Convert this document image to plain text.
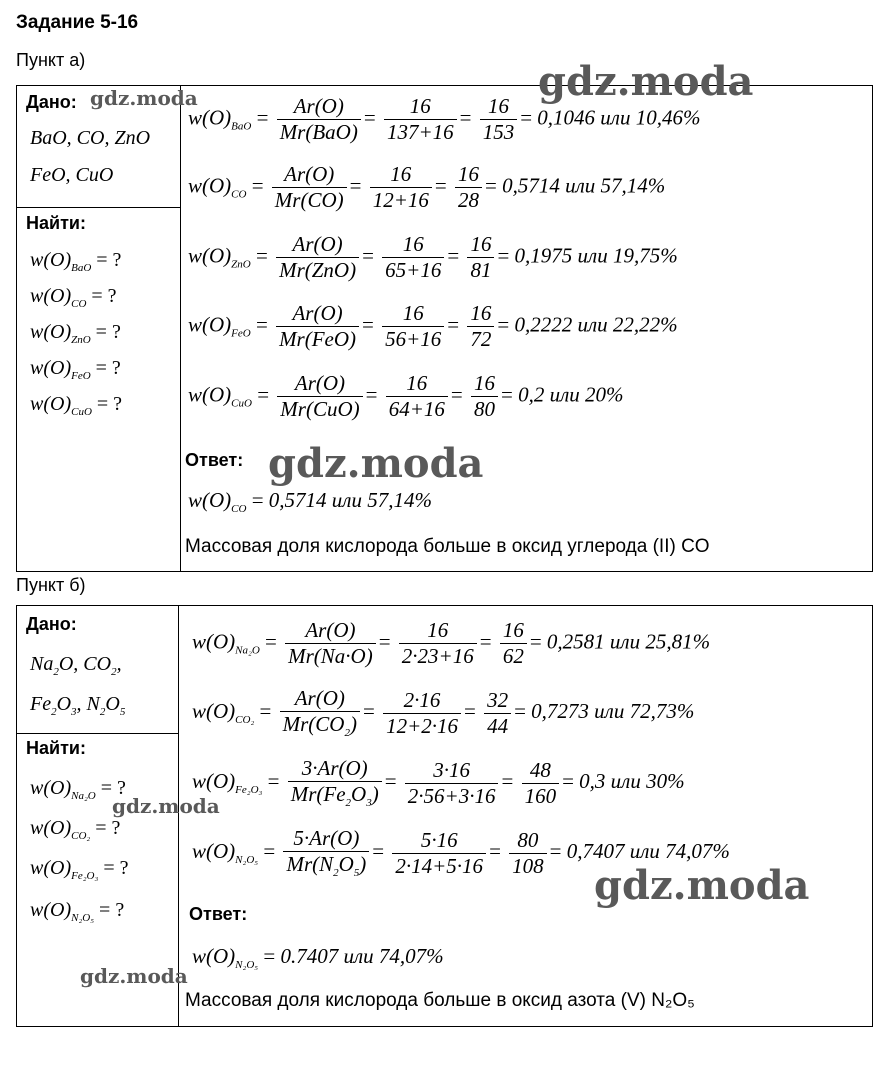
Задание 5-16
Пункт а)
Дано:
BaO, CO, ZnO
FeO, CuO
Найти:
$w(O)_{BaO}$ = ?
$w(O)_{CO}$ = ?
$w(O)_{ZnO}$ = ?
$w(O)_{FeO}$ = ?
$w(O)_{CuO}$ = ?
$w(O)_{BaO} = \frac{Ar(O)}{\text{Mr(BaO)}} = \frac{16}{137+16} = \frac{16}{153} = 0,1046$ или 10,46%
$w(O)_{CO} = \frac{Ar(O)}{Mr(CO)} = \frac{16}{12+16} = \frac{16}{28} = 0,5714$ или 57,14%
$w(O)_{ZnO} = \frac{Ar(O)}{\text{Mr(ZnO)}} = \frac{16}{65+16} = \frac{16}{81} = 0,1975$ или 19,75%
$w(O)_{FeO} = \frac{Ar(O)}{\text{Mr(FeO)}} = \frac{16}{56+16} = \frac{16}{72} = 0,2222$ или 22,22%
$w(O)_{CuO} = \frac{Ar(O)}{\text{Mr(CuO)}} = \frac{16}{64+16} = \frac{16}{80} = 0,2$ или 20%
Ответ:
$w(O)_{CO} = 0,5714$ или 57,14%
Массовая доля кислорода больше в оксид углерода (II) CO
Пункт б)
Дано:
$Na_2O$, $CO_2$,
$Fe_2O_3$, $N_2O_5$
Найти:
$w(O)_{Na_2O}$ = ?
$w(O)_{CO_2}$ = ?
$w(O)_{Fe_2O_3}$ = ?
$w(O)_{N_2O_5}$ = ?
$w(O)_{Na_2O} = \frac{Ar(O)}{Mr(Na\cdot O)} = \frac{16}{2\cdot 23+16} = \frac{16}{62} = 0,2581$ или 25,81%
$w(O)_{CO_2} = \frac{Ar(O)}{Mr(CO_2)} = \frac{2\cdot 16}{12+2\cdot 16} = \frac{32}{44} = 0,7273$ или 72,73%
$w(O)_{Fe_2O_3} = \frac{3\cdot Ar(O)}{Mr(Fe_2O_3)} = \frac{3\cdot 16}{2\cdot 56+3\cdot 16} = \frac{48}{160} = 0,3$ или 30%
$w(O)_{N_2O_5} = \frac{5\cdot Ar(O)}{Mr(N_2O_5)} = \frac{5\cdot 16}{2\cdot 14+5\cdot 16} = \frac{80}{108} = 0,7407$ или 74,07%
Ответ:
$w(O)_{N_2O_5} = 0.7407$ или 74,07%
Массовая доля кислорода больше в оксид азота (V) N₂O₅
gdz.moda	gdz.moda
gdz.moda
gdz.moda
gdz.moda
gdz.moda
